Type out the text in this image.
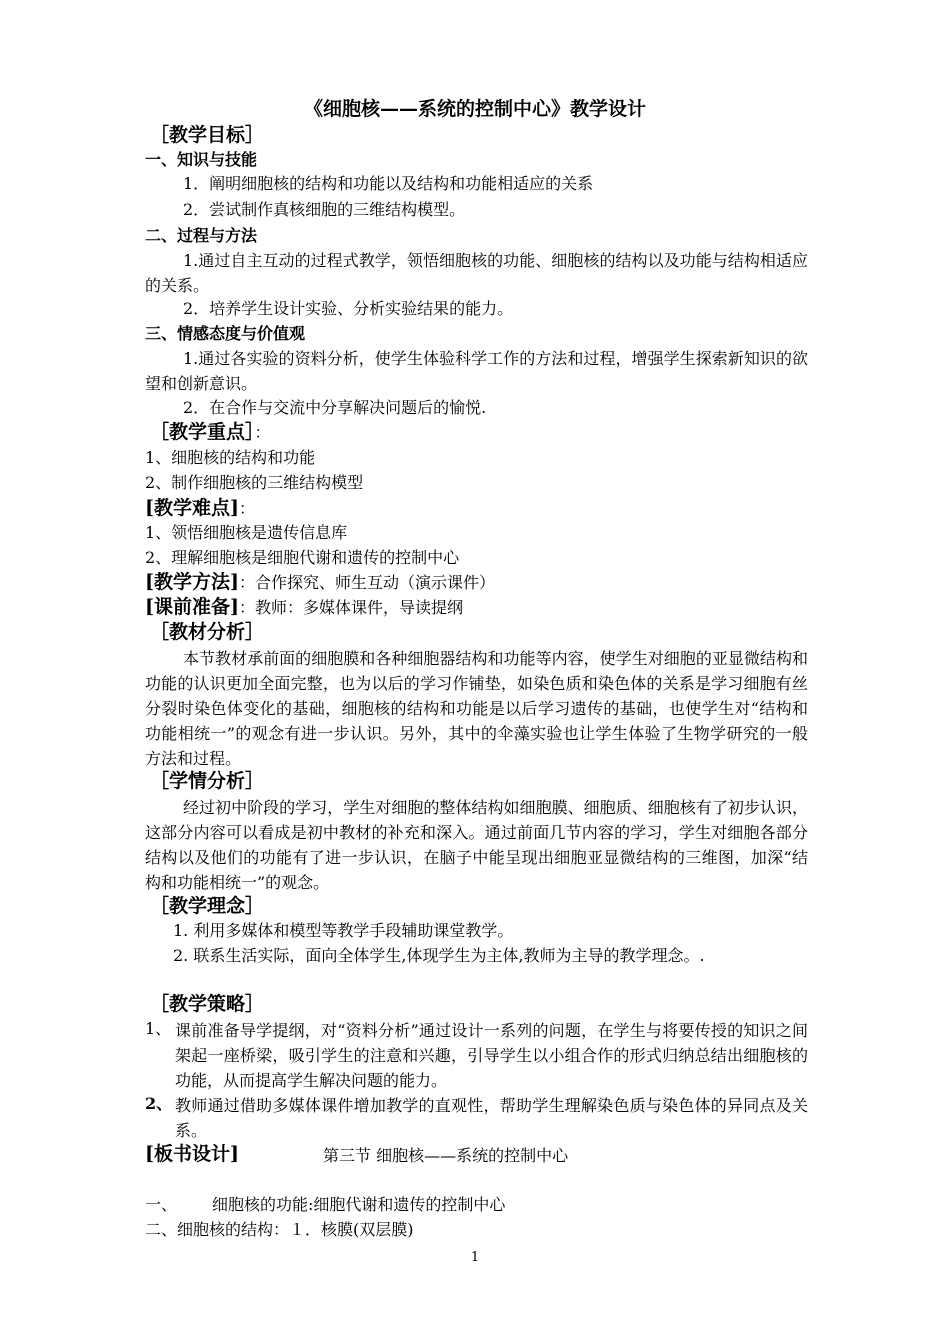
《细胞核——系统的控制中心》教学设计
［教学目标］
一、知识与技能
1．阐明细胞核的结构和功能以及结构和功能相适应的关系
2．尝试制作真核细胞的三维结构模型。
二、过程与方法
1.通过自主互动的过程式教学，领悟细胞核的功能、细胞核的结构以及功能与结构相适应的关系。
2．培养学生设计实验、分析实验结果的能力。
三、情感态度与价值观
1.通过各实验的资料分析，使学生体验科学工作的方法和过程，增强学生探索新知识的欲望和创新意识。
2．在合作与交流中分享解决问题后的愉悦.
［教学重点］：
1、细胞核的结构和功能
2、制作细胞核的三维结构模型
[教学难点]：
1、领悟细胞核是遗传信息库
2、理解细胞核是细胞代谢和遗传的控制中心
[教学方法]：合作探究、师生互动（演示课件）
[课前准备]：教师：多媒体课件，导读提纲
［教材分析］
本节教材承前面的细胞膜和各种细胞器结构和功能等内容，使学生对细胞的亚显微结构和功能的认识更加全面完整，也为以后的学习作铺垫，如染色质和染色体的关系是学习细胞有丝分裂时染色体变化的基础，细胞核的结构和功能是以后学习遗传的基础，也使学生对“结构和功能相统一”的观念有进一步认识。另外，其中的伞藻实验也让学生体验了生物学研究的一般方法和过程。
［学情分析］
经过初中阶段的学习，学生对细胞的整体结构如细胞膜、细胞质、细胞核有了初步认识，这部分内容可以看成是初中教材的补充和深入。通过前面几节内容的学习，学生对细胞各部分结构以及他们的功能有了进一步认识，在脑子中能呈现出细胞亚显微结构的三维图，加深“结构和功能相统一”的观念。
［教学理念］
1. 利用多媒体和模型等教学手段辅助课堂教学。
2. 联系生活实际，面向全体学生,体现学生为主体,教师为主导的教学理念。.
［教学策略］
1、 课前准备导学提纲，对“资料分析”通过设计一系列的问题，在学生与将要传授的知识之间架起一座桥梁，吸引学生的注意和兴趣，引导学生以小组合作的形式归纳总结出细胞核的功能，从而提高学生解决问题的能力。
2、 教师通过借助多媒体课件增加教学的直观性，帮助学生理解染色质与染色体的异同点及关系。
[板书设计]	第三节 细胞核——系统的控制中心
一、 细胞核的功能:细胞代谢和遗传的控制中心
二、细胞核的结构：１．核膜(双层膜)
1
